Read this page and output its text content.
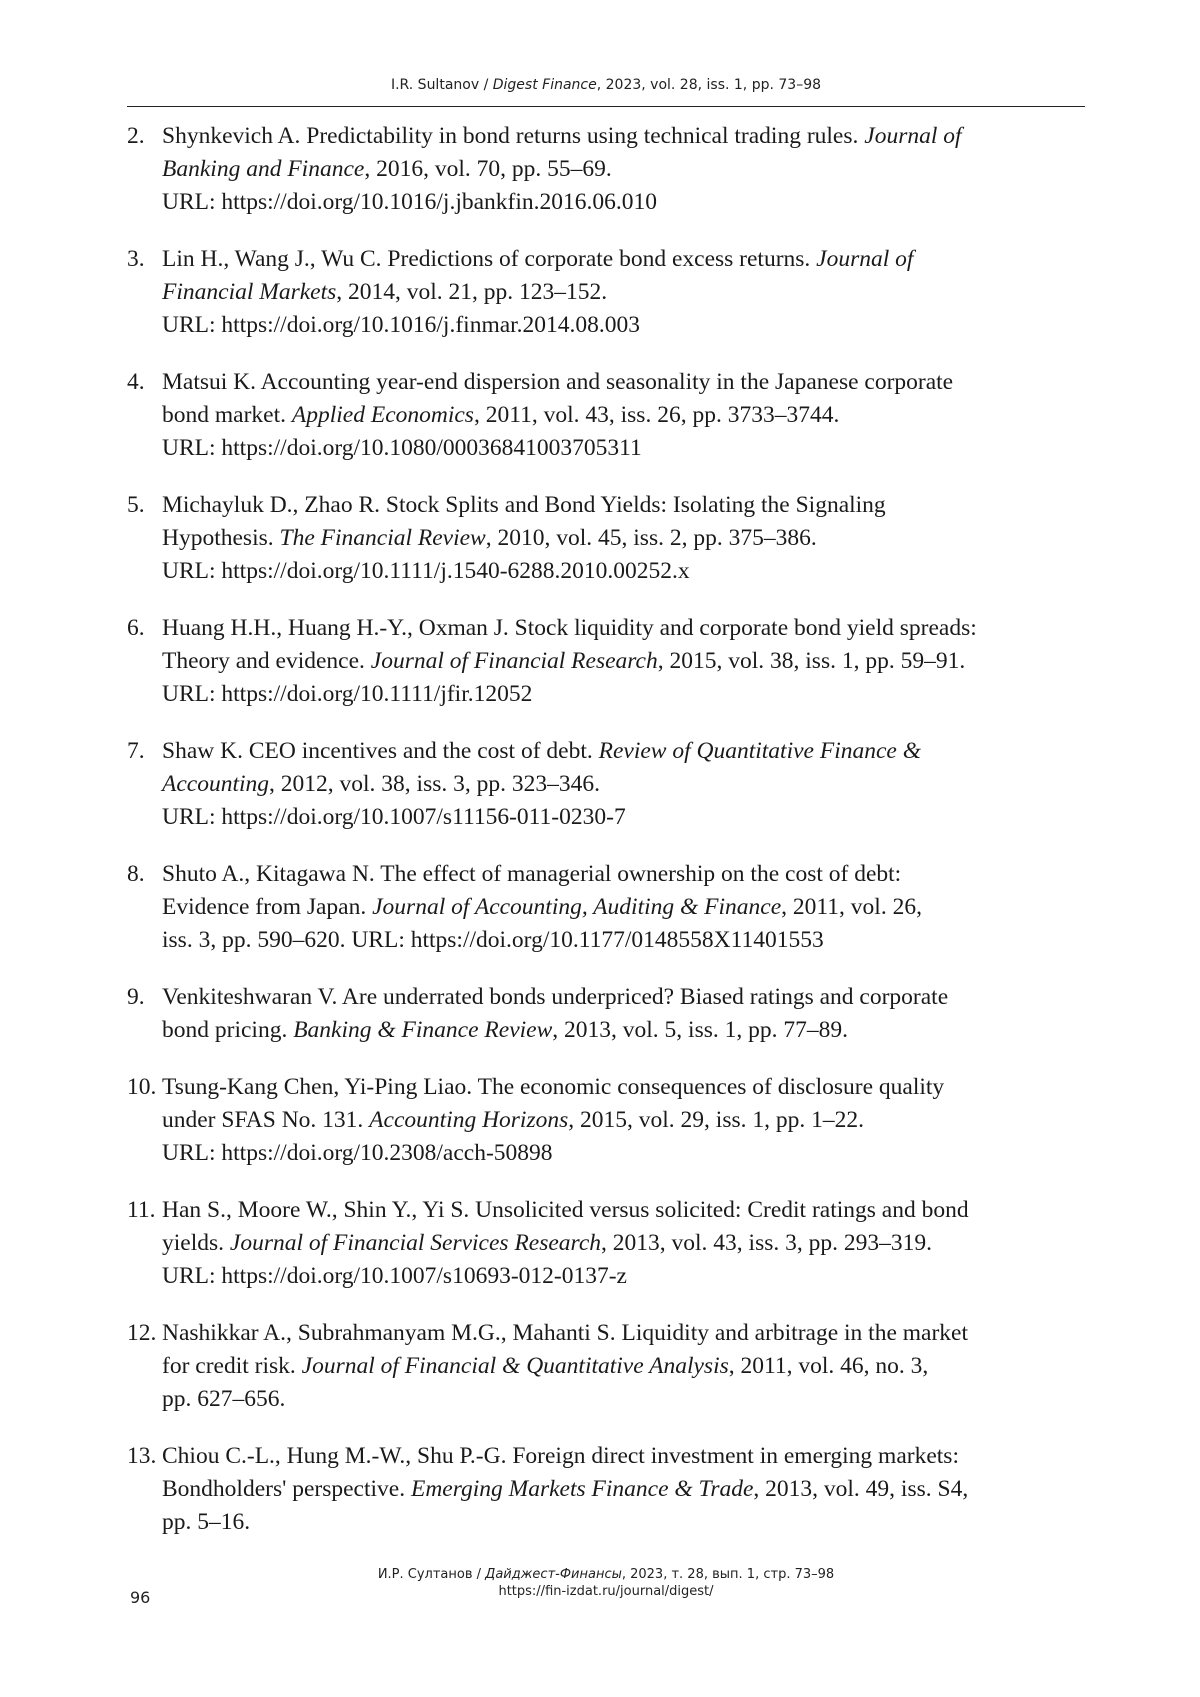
I.R. Sultanov / Digest Finance, 2023, vol. 28, iss. 1, pp. 73–98
2. Shynkevich A. Predictability in bond returns using technical trading rules. Journal of
Banking and Finance, 2016, vol. 70, pp. 55–69.
URL: https://doi.org/10.1016/j.jbankfin.2016.06.010
3. Lin H., Wang J., Wu C. Predictions of corporate bond excess returns. Journal of
Financial Markets, 2014, vol. 21, pp. 123–152.
URL: https://doi.org/10.1016/j.finmar.2014.08.003
4. Matsui K. Accounting year-end dispersion and seasonality in the Japanese corporate
bond market. Applied Economics, 2011, vol. 43, iss. 26, pp. 3733–3744.
URL: https://doi.org/10.1080/00036841003705311
5. Michayluk D., Zhao R. Stock Splits and Bond Yields: Isolating the Signaling
Hypothesis. The Financial Review, 2010, vol. 45, iss. 2, pp. 375–386.
URL: https://doi.org/10.1111/j.1540-6288.2010.00252.x
6. Huang H.H., Huang H.-Y., Oxman J. Stock liquidity and corporate bond yield spreads:
Theory and evidence. Journal of Financial Research, 2015, vol. 38, iss. 1, pp. 59–91.
URL: https://doi.org/10.1111/jfir.12052
7. Shaw K. CEO incentives and the cost of debt. Review of Quantitative Finance &
Accounting, 2012, vol. 38, iss. 3, pp. 323–346.
URL: https://doi.org/10.1007/s11156-011-0230-7
8. Shuto A., Kitagawa N. The effect of managerial ownership on the cost of debt:
Evidence from Japan. Journal of Accounting, Auditing & Finance, 2011, vol. 26,
iss. 3, pp. 590–620. URL: https://doi.org/10.1177/0148558X11401553
9. Venkiteshwaran V. Are underrated bonds underpriced? Biased ratings and corporate
bond pricing. Banking & Finance Review, 2013, vol. 5, iss. 1, pp. 77–89.
10. Tsung-Kang Chen, Yi-Ping Liao. The economic consequences of disclosure quality
under SFAS No. 131. Accounting Horizons, 2015, vol. 29, iss. 1, pp. 1–22.
URL: https://doi.org/10.2308/acch-50898
11. Han S., Moore W., Shin Y., Yi S. Unsolicited versus solicited: Credit ratings and bond
yields. Journal of Financial Services Research, 2013, vol. 43, iss. 3, pp. 293–319.
URL: https://doi.org/10.1007/s10693-012-0137-z
12. Nashikkar A., Subrahmanyam M.G., Mahanti S. Liquidity and arbitrage in the market
for credit risk. Journal of Financial & Quantitative Analysis, 2011, vol. 46, no. 3,
pp. 627–656.
13. Chiou C.-L., Hung M.-W., Shu P.-G. Foreign direct investment in emerging markets:
Bondholders' perspective. Emerging Markets Finance & Trade, 2013, vol. 49, iss. S4,
pp. 5–16.
И.Р. Султанов / Дайджест-Финансы, 2023, т. 28, вып. 1, стр. 73–98
https://fin-izdat.ru/journal/digest/
96
